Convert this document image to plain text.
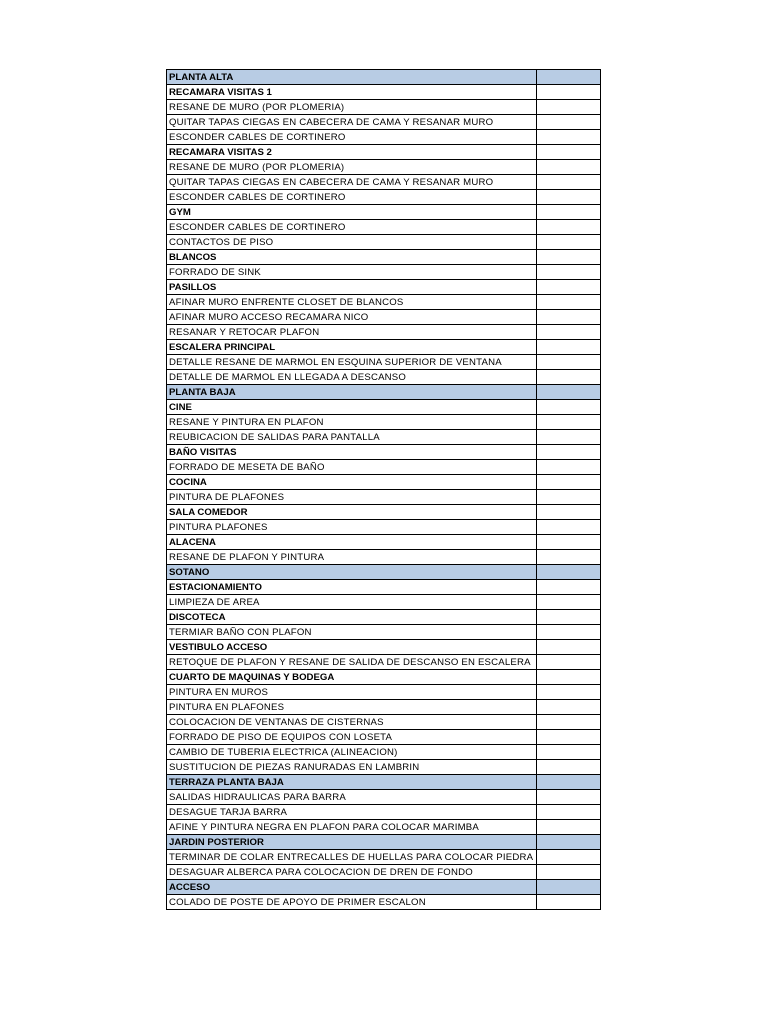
PLANTA ALTA	
RECAMARA VISITAS 1	
RESANE DE MURO (POR PLOMERIA)	
QUITAR TAPAS CIEGAS EN CABECERA DE CAMA Y RESANAR MURO	
ESCONDER CABLES DE CORTINERO	
RECAMARA VISITAS 2	
RESANE DE MURO (POR PLOMERIA)	
QUITAR TAPAS CIEGAS EN CABECERA DE CAMA Y RESANAR MURO	
ESCONDER CABLES DE CORTINERO	
GYM	
ESCONDER CABLES DE CORTINERO	
CONTACTOS DE PISO	
BLANCOS	
FORRADO DE SINK	
PASILLOS	
AFINAR MURO ENFRENTE CLOSET DE BLANCOS	
AFINAR MURO ACCESO RECAMARA NICO	
RESANAR Y RETOCAR PLAFON	
ESCALERA PRINCIPAL	
DETALLE RESANE DE MARMOL EN ESQUINA SUPERIOR DE VENTANA	
DETALLE DE MARMOL EN LLEGADA A DESCANSO	
PLANTA BAJA	
CINE	
RESANE Y PINTURA EN PLAFON	
REUBICACION DE SALIDAS PARA PANTALLA	
BAÑO VISITAS	
FORRADO DE MESETA DE BAÑO	
COCINA	
PINTURA DE PLAFONES	
SALA COMEDOR	
PINTURA PLAFONES	
ALACENA	
RESANE DE PLAFON Y PINTURA	
SOTANO	
ESTACIONAMIENTO	
LIMPIEZA DE AREA	
DISCOTECA	
TERMIAR BAÑO CON PLAFON	
VESTIBULO ACCESO	
RETOQUE DE PLAFON Y RESANE DE SALIDA DE DESCANSO EN ESCALERA	
CUARTO DE MAQUINAS Y BODEGA	
PINTURA EN MUROS	
PINTURA EN PLAFONES	
COLOCACION DE VENTANAS DE CISTERNAS	
FORRADO DE PISO DE EQUIPOS CON LOSETA	
CAMBIO DE TUBERIA ELECTRICA (ALINEACION)	
SUSTITUCION DE PIEZAS RANURADAS EN LAMBRIN	
TERRAZA PLANTA BAJA	
SALIDAS HIDRAULICAS PARA BARRA	
DESAGUE TARJA BARRA	
AFINE Y PINTURA NEGRA EN PLAFON PARA COLOCAR MARIMBA	
JARDIN POSTERIOR	
TERMINAR DE COLAR ENTRECALLES DE HUELLAS PARA COLOCAR PIEDRA	
DESAGUAR ALBERCA PARA COLOCACION DE DREN DE FONDO	
ACCESO	
COLADO DE POSTE DE APOYO DE PRIMER ESCALON	
